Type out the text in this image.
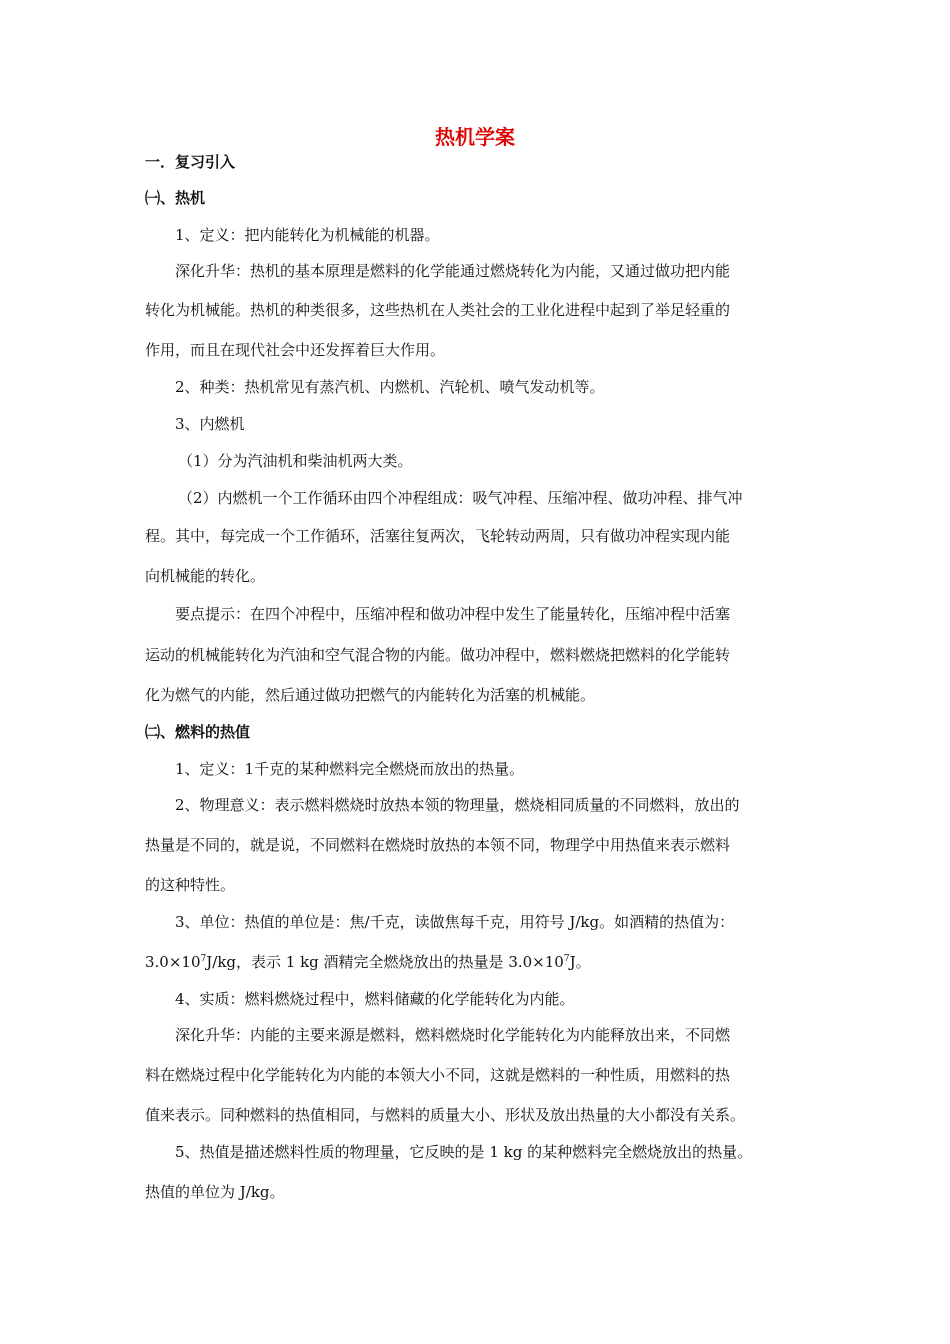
热机学案
一．复习引入
㈠、热机
1、定义：把内能转化为机械能的机器。
深化升华：热机的基本原理是燃料的化学能通过燃烧转化为内能，又通过做功把内能
转化为机械能。热机的种类很多，这些热机在人类社会的工业化进程中起到了举足轻重的
作用，而且在现代社会中还发挥着巨大作用。
2、种类：热机常见有蒸汽机、内燃机、汽轮机、喷气发动机等。
3、内燃机
（1）分为汽油机和柴油机两大类。
（2）内燃机一个工作循环由四个冲程组成：吸气冲程、压缩冲程、做功冲程、排气冲
程。其中，每完成一个工作循环，活塞往复两次，飞轮转动两周，只有做功冲程实现内能
向机械能的转化。
要点提示：在四个冲程中，压缩冲程和做功冲程中发生了能量转化，压缩冲程中活塞
运动的机械能转化为汽油和空气混合物的内能。做功冲程中，燃料燃烧把燃料的化学能转
化为燃气的内能，然后通过做功把燃气的内能转化为活塞的机械能。
㈡、燃料的热值
1、定义：1千克的某种燃料完全燃烧而放出的热量。
2、物理意义：表示燃料燃烧时放热本领的物理量，燃烧相同质量的不同燃料，放出的
热量是不同的，就是说，不同燃料在燃烧时放热的本领不同，物理学中用热值来表示燃料
的这种特性。
3、单位：热值的单位是：焦/千克，读做焦每千克，用符号 J/kg。如酒精的热值为：
$3.0\times 10^7J/kg$，表示 1 kg 酒精完全燃烧放出的热量是 $3.0\times 10^7J$。
4、实质：燃料燃烧过程中，燃料储藏的化学能转化为内能。
深化升华：内能的主要来源是燃料，燃料燃烧时化学能转化为内能释放出来，不同燃
料在燃烧过程中化学能转化为内能的本领大小不同，这就是燃料的一种性质，用燃料的热
值来表示。同种燃料的热值相同，与燃料的质量大小、形状及放出热量的大小都没有关系。
5、热值是描述燃料性质的物理量，它反映的是 1 kg 的某种燃料完全燃烧放出的热量。
热值的单位为 J/kg。
